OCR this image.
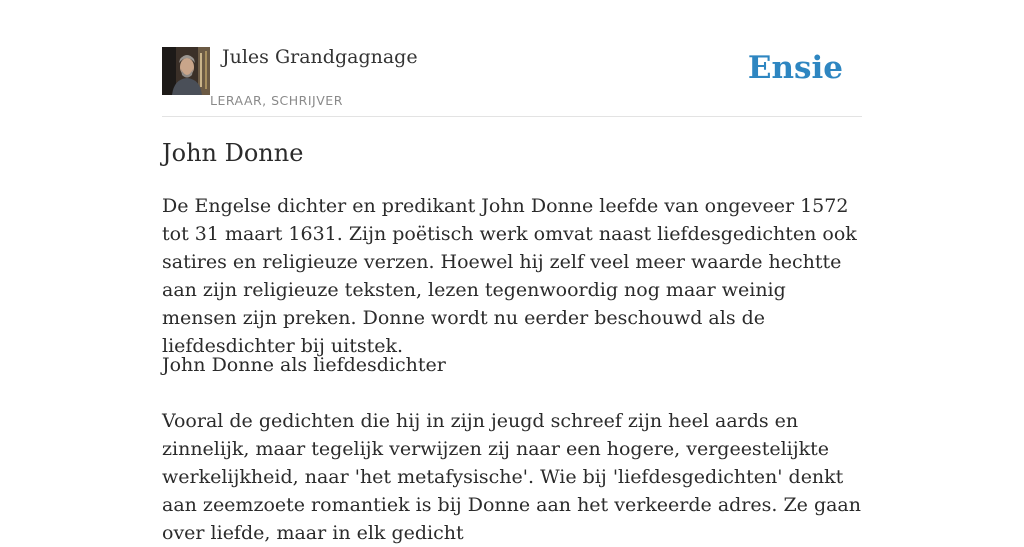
Jules Grandgagnage
LERAAR, SCHRIJVER
Ensie
John Donne

De Engelse dichter en predikant John Donne leefde van ongeveer 1572 tot 31 maart 1631. Zijn poëtisch werk omvat naast liefdesgedichten ook satires en religieuze verzen. Hoewel hij zelf veel meer waarde hechtte aan zijn religieuze teksten, lezen tegenwoordig nog maar weinig mensen zijn preken. Donne wordt nu eerder beschouwd als de liefdesdichter bij uitstek.

John Donne als liefdesdichter

Vooral de gedichten die hij in zijn jeugd schreef zijn heel aards en zinnelijk, maar tegelijk verwijzen zij naar een hogere, vergeestelijkte werkelijkheid, naar 'het metafysische'. Wie bij 'liefdesgedichten' denkt aan zeemzoete romantiek is bij Donne aan het verkeerde adres. Ze gaan over liefde, maar in elk gedicht
